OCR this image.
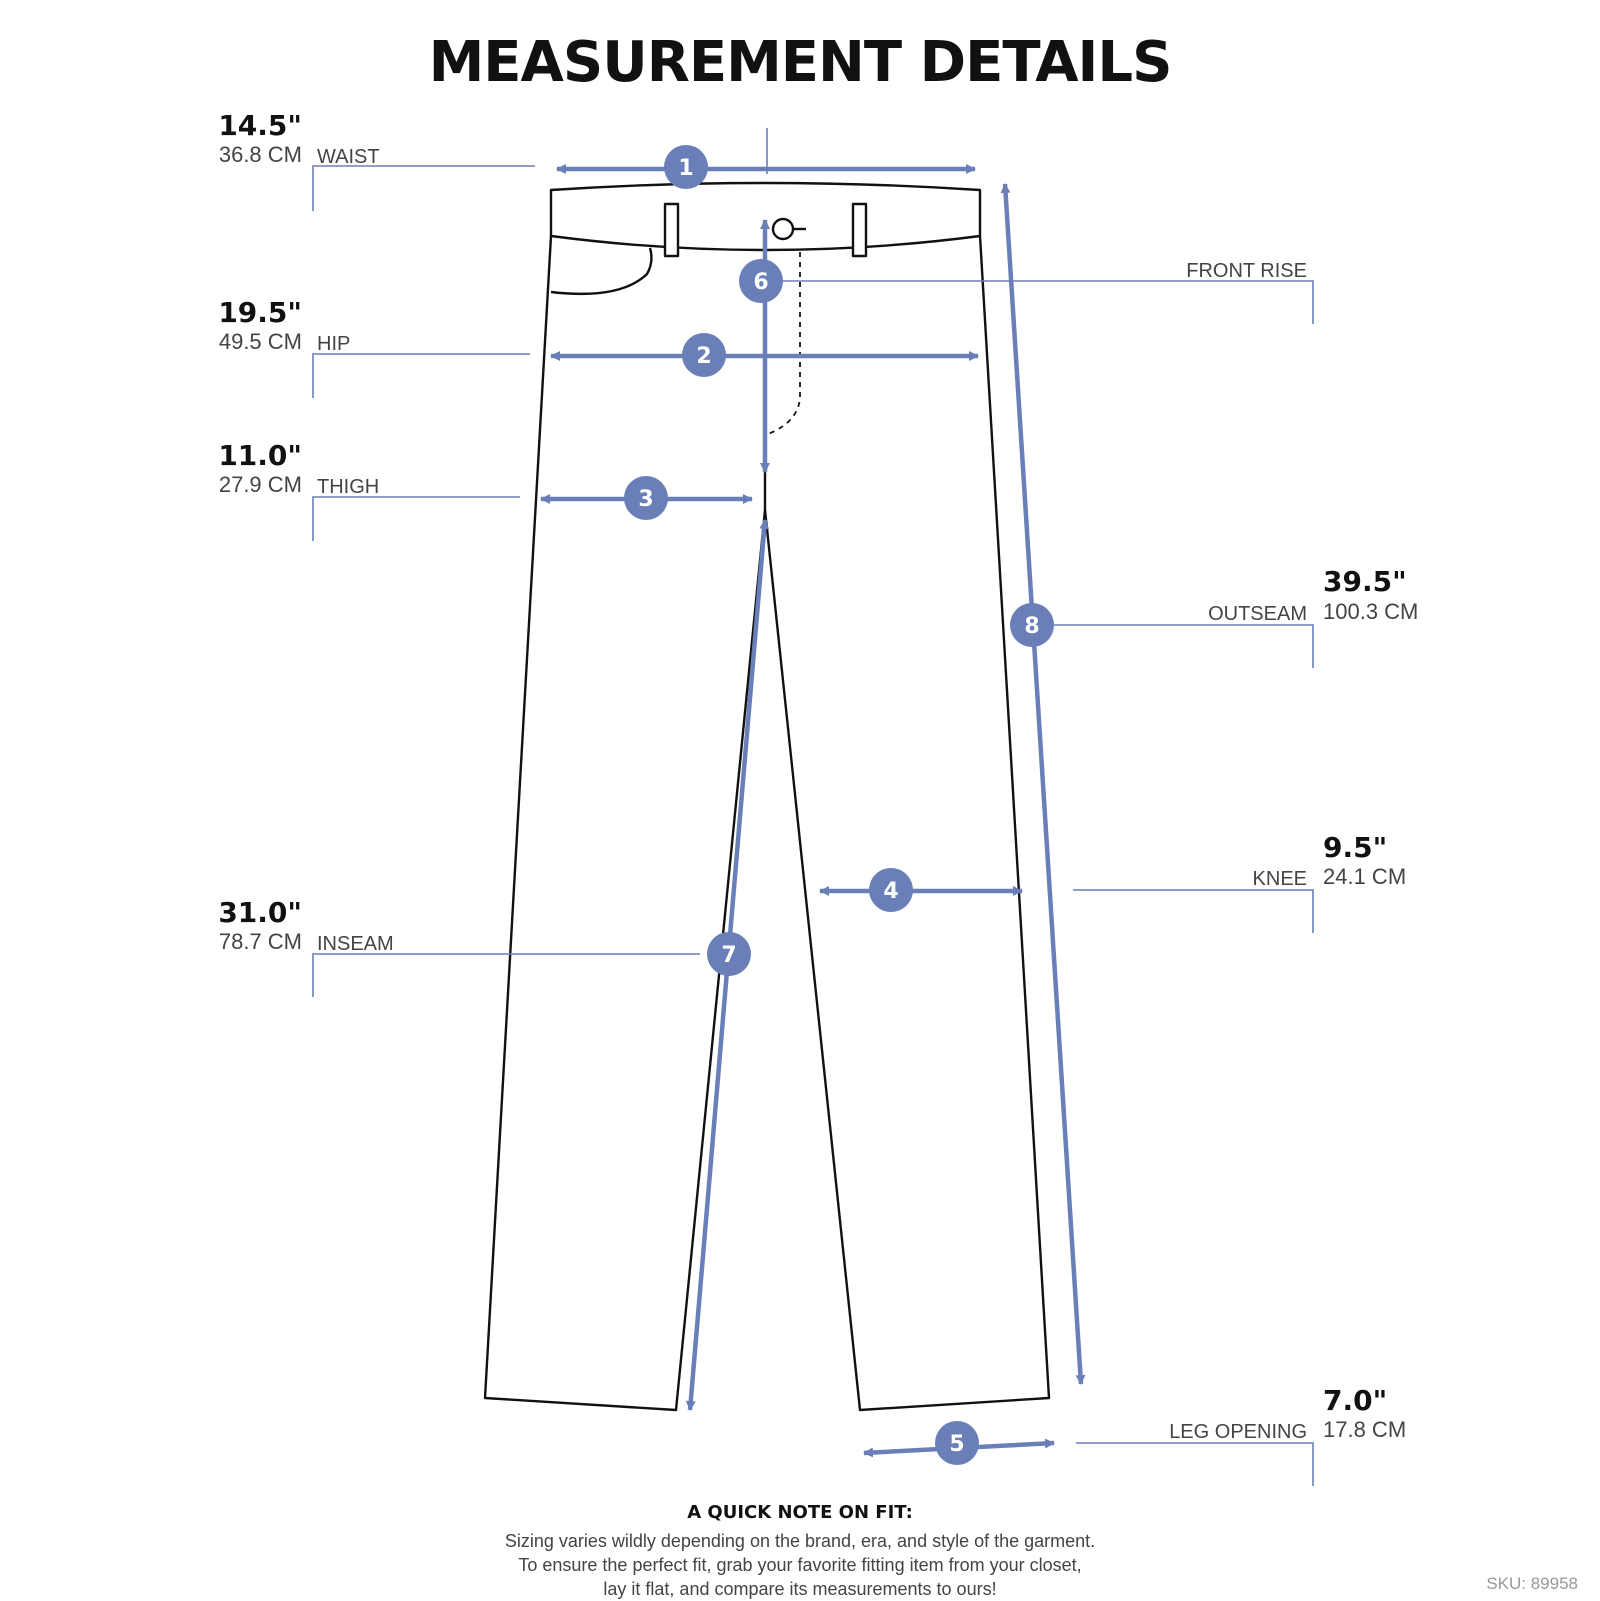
MEASUREMENT DETAILS
1
2
3
4
5
6
7
8
14.5"
36.8 CM WAIST
19.5"
49.5 CM HIP
11.0"
27.9 CM THIGH
31.0"
78.7 CM INSEAM
FRONT RISE
OUTSEAM
39.5"
100.3 CM
KNEE
9.5"
24.1 CM
LEG OPENING
7.0"
17.8 CM
A QUICK NOTE ON FIT:
Sizing varies wildly depending on the brand, era, and style of the garment.
To ensure the perfect fit, grab your favorite fitting item from your closet,
lay it flat, and compare its measurements to ours!	SKU: 89958
